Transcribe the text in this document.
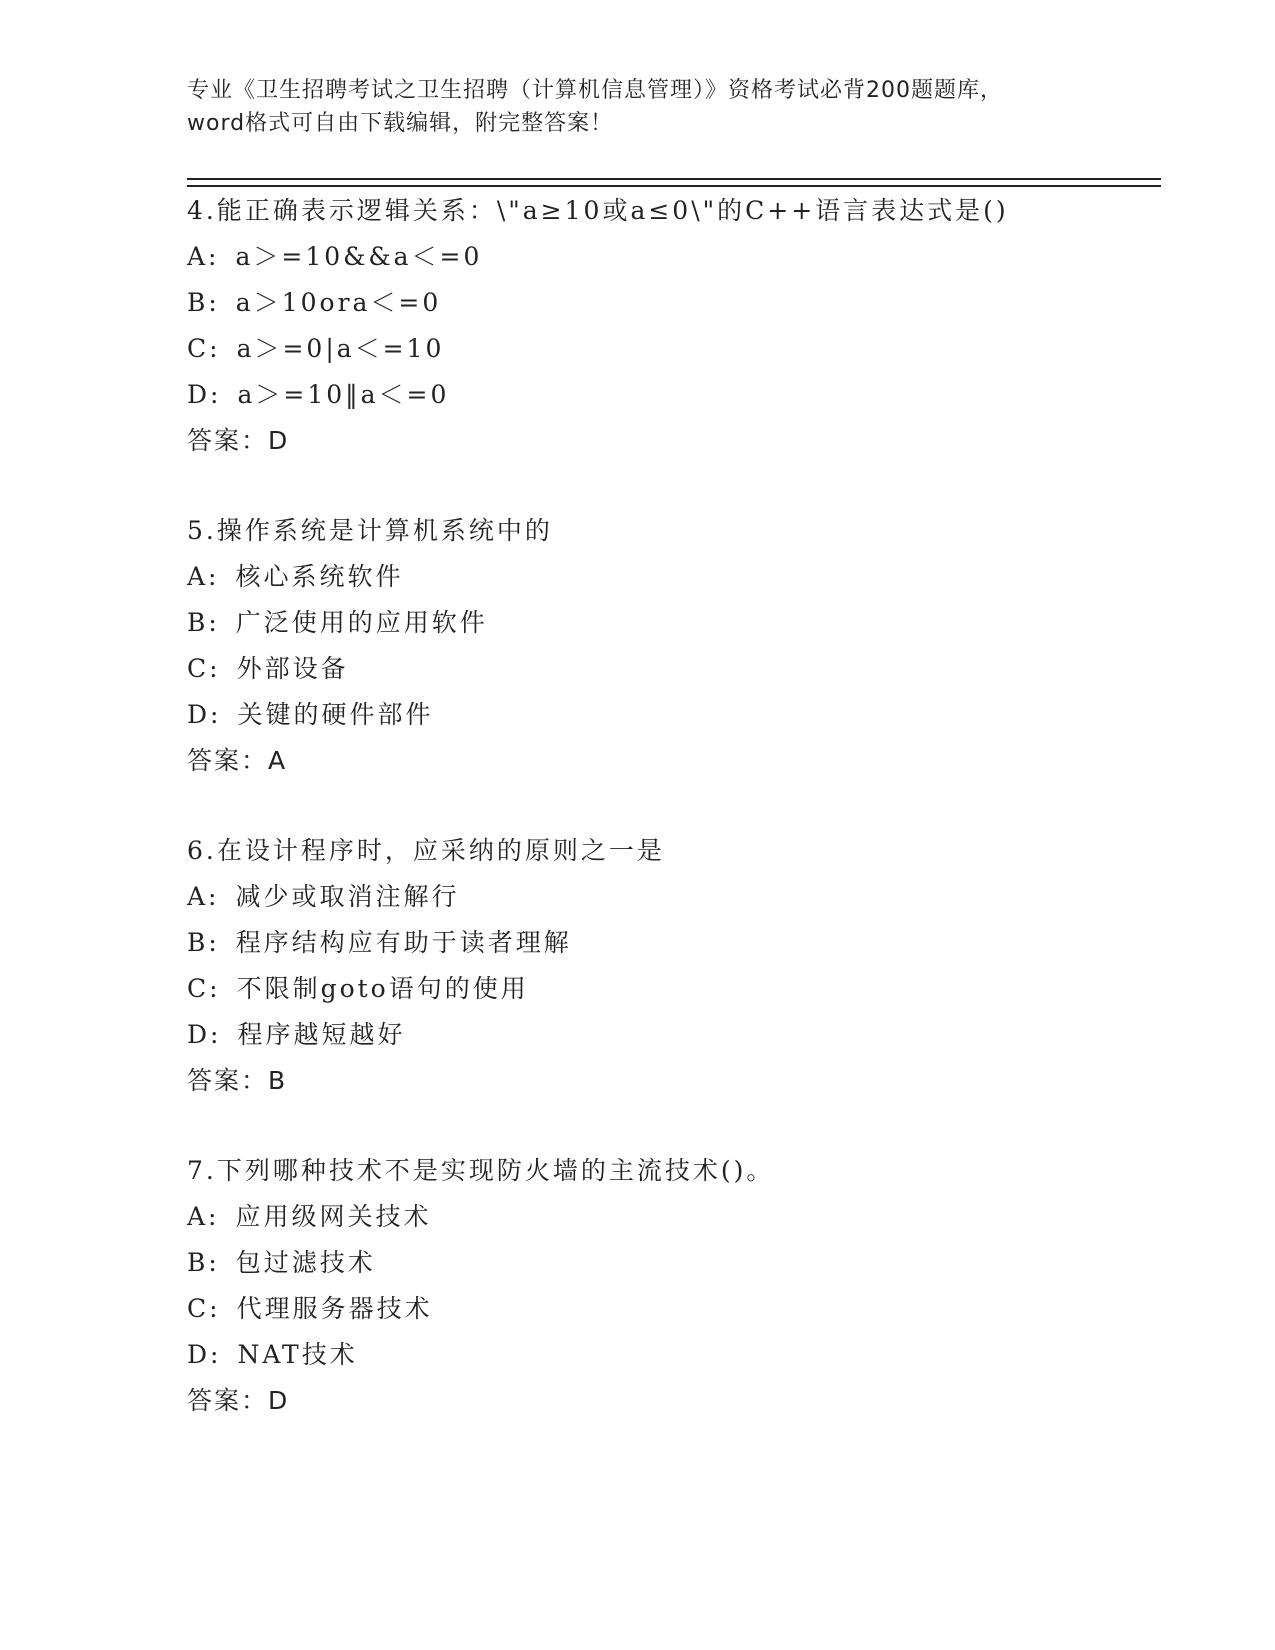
专业《卫生招聘考试之卫生招聘（计算机信息管理）》资格考试必背200题题库，
word格式可自由下载编辑，附完整答案！
4.能正确表示逻辑关系：\"a≥10或a≤0\"的C++语言表达式是()
A: a＞=10&&a＜=0
B: a＞10ora＜=0
C: a＞=0|a＜=10
D: a＞=10‖a＜=0
答案：D
5.操作系统是计算机系统中的
A: 核心系统软件
B: 广泛使用的应用软件
C: 外部设备
D: 关键的硬件部件
答案：A
6.在设计程序时，应采纳的原则之一是
A: 减少或取消注解行
B: 程序结构应有助于读者理解
C: 不限制goto语句的使用
D: 程序越短越好
答案：B
7.下列哪种技术不是实现防火墙的主流技术()。
A: 应用级网关技术
B: 包过滤技术
C: 代理服务器技术
D: NAT技术
答案：D
